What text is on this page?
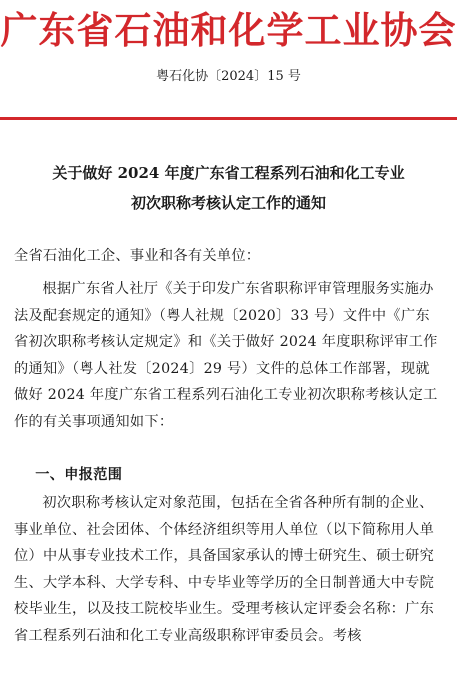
广东省石油和化学工业协会
粤石化协〔2024〕15 号
关于做好 2024 年度广东省工程系列石油和化工专业
初次职称考核认定工作的通知

全省石油化工企、事业和各有关单位：

根据广东省人社厅《关于印发广东省职称评审管理服务实施办法及配套规定的通知》（粤人社规〔2020〕33 号）文件中《广东省初次职称考核认定规定》和《关于做好 2024 年度职称评审工作的通知》（粤人社发〔2024〕29 号）文件的总体工作部署，现就做好 2024 年度广东省工程系列石油化工专业初次职称考核认定工作的有关事项通知如下：

一、申报范围

初次职称考核认定对象范围，包括在全省各种所有制的企业、事业单位、社会团体、个体经济组织等用人单位（以下简称用人单位）中从事专业技术工作，具备国家承认的博士研究生、硕士研究生、大学本科、大学专科、中专毕业等学历的全日制普通大中专院校毕业生，以及技工院校毕业生。受理考核认定评委会名称：广东省工程系列石油和化工专业高级职称评审委员会。考核
